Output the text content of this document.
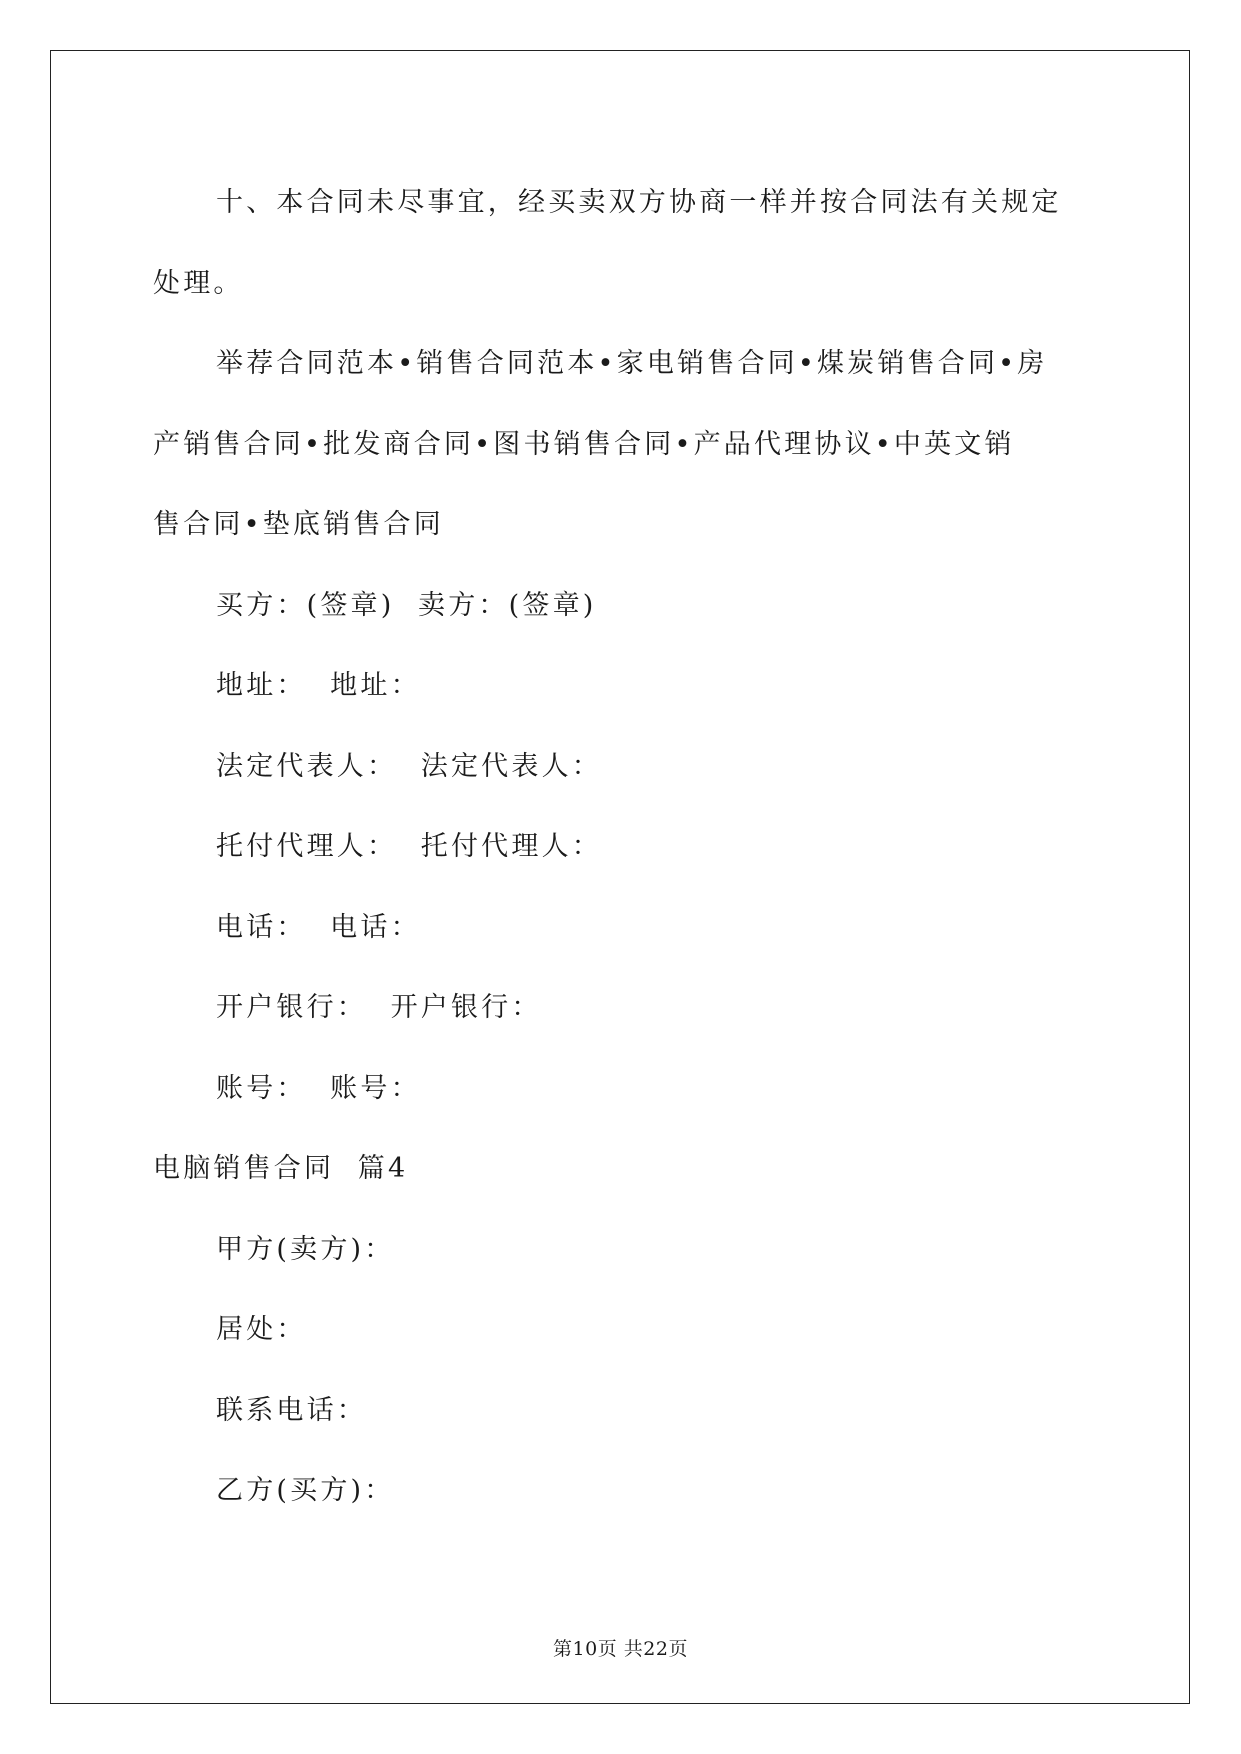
十、本合同未尽事宜，经买卖双方协商一样并按合同法有关规定
处理。
举荐合同范本•销售合同范本•家电销售合同•煤炭销售合同•房
产销售合同•批发商合同•图书销售合同•产品代理协议•中英文销
售合同•垫底销售合同
买方：(签章)  卖方：(签章)
地址：  地址：
法定代表人：  法定代表人：
托付代理人：  托付代理人：
电话：  电话：
开户银行：  开户银行：
账号：  账号：
电脑销售合同  篇4
甲方(卖方)：
居处：
联系电话：
乙方(买方)：
第10页 共22页
